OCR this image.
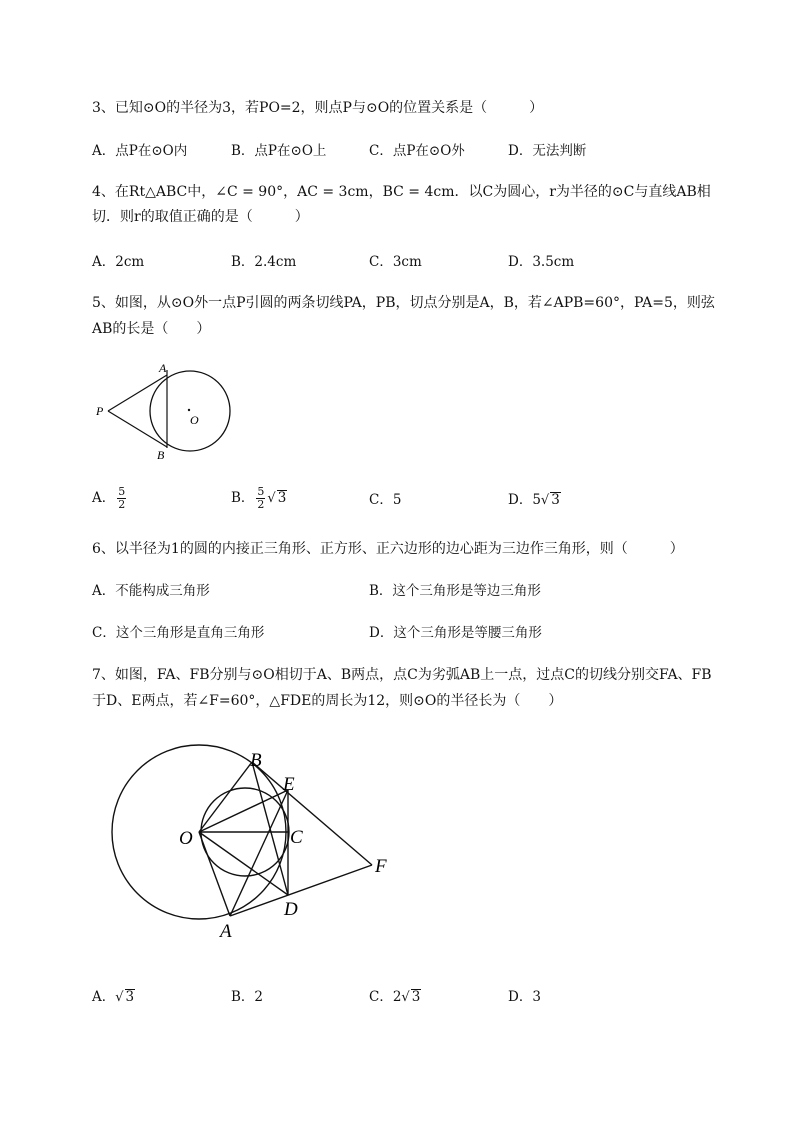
3、已知⊙O的半径为3，若PO=2，则点P与⊙O的位置关系是（　　　）
A．点P在⊙O内	B．点P在⊙O上	C．点P在⊙O外	D．无法判断
4、在Rt△ABC中，∠C = 90°，AC = 3cm，BC = 4cm．以C为圆心，r为半径的⊙C与直线AB相
切．则r的取值正确的是（　　　）
A．2cm	B．2.4cm	C．3cm	D．3.5cm
5、如图，从⊙O外一点P引圆的两条切线PA，PB，切点分别是A，B，若∠APB=60°，PA=5，则弦
AB的长是（　　）
A
B
P
O
A． $\frac{5}{2}$	B． $\frac{5}{2}$ √ 3	C．5	D．5√ 3
6、以半径为1的圆的内接正三角形、正方形、正六边形的边心距为三边作三角形，则（　　　）
A．不能构成三角形	B．这个三角形是等边三角形
C．这个三角形是直角三角形	D．这个三角形是等腰三角形
7、如图，FA、FB分别与⊙O相切于A、B两点，点C为劣弧AB上一点，过点C的切线分别交FA、FB
于D、E两点，若∠F=60°，△FDE的周长为12，则⊙O的半径长为（　　）
B
E
O	C
F
D
A
A．√ 3	B．2	C．2√ 3	D．3
